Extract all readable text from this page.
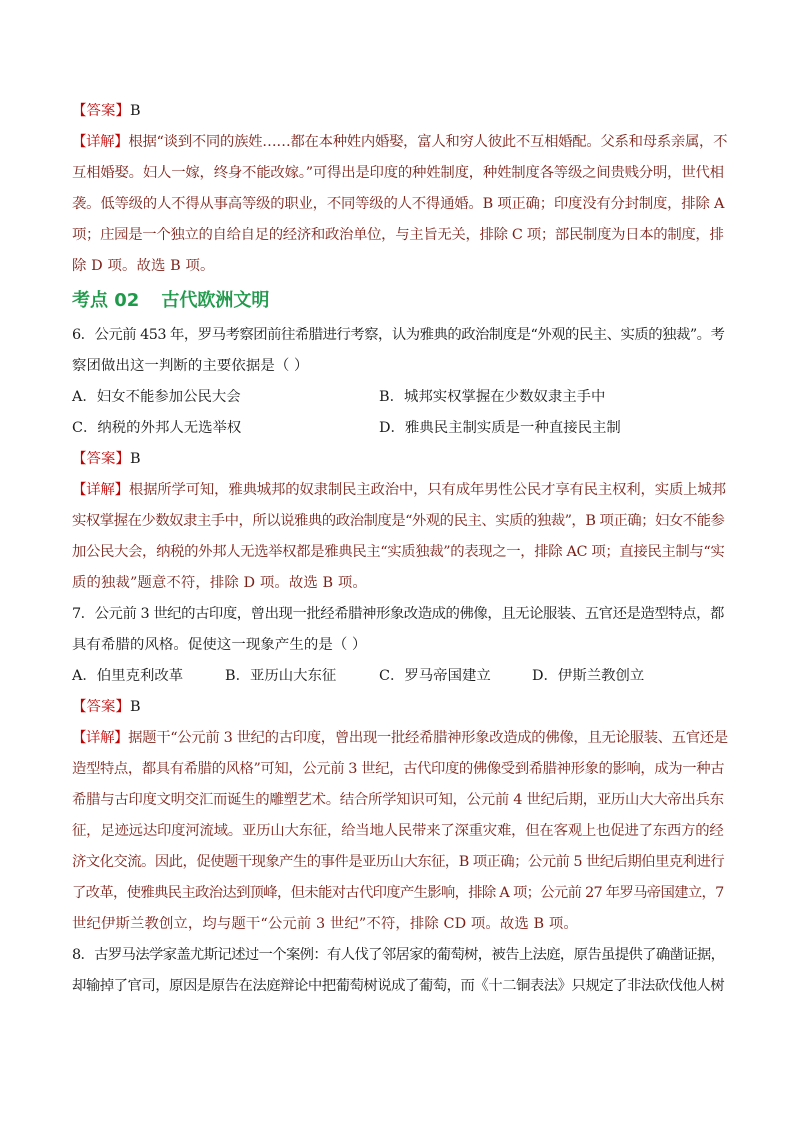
【答案】B
【详解】根据“谈到不同的族姓……都在本种姓内婚娶，富人和穷人彼此不互相婚配。父系和母系亲属，不
互相婚娶。妇人一嫁，终身不能改嫁。”可得出是印度的种姓制度，种姓制度各等级之间贵贱分明，世代相
袭。低等级的人不得从事高等级的职业，不同等级的人不得通婚。B 项正确；印度没有分封制度，排除 A
项；庄园是一个独立的自给自足的经济和政治单位，与主旨无关，排除 C 项；部民制度为日本的制度，排
除 D 项。故选 B 项。
考点 02 古代欧洲文明
6．公元前 453 年，罗马考察团前往希腊进行考察，认为雅典的政治制度是“外观的民主、实质的独裁”。考
察团做出这一判断的主要依据是（ ）
A．妇女不能参加公民大会	B．城邦实权掌握在少数奴隶主手中
C．纳税的外邦人无选举权	D．雅典民主制实质是一种直接民主制
【答案】B
【详解】根据所学可知，雅典城邦的奴隶制民主政治中，只有成年男性公民才享有民主权利，实质上城邦
实权掌握在少数奴隶主手中，所以说雅典的政治制度是“外观的民主、实质的独裁”，B 项正确；妇女不能参
加公民大会，纳税的外邦人无选举权都是雅典民主“实质独裁”的表现之一，排除 AC 项；直接民主制与“实
质的独裁”题意不符，排除 D 项。故选 B 项。
7．公元前 3 世纪的古印度，曾出现一批经希腊神形象改造成的佛像，且无论服装、五官还是造型特点，都
具有希腊的风格。促使这一现象产生的是（ ）
A．伯里克利改革	B．亚历山大东征	C．罗马帝国建立	D．伊斯兰教创立
【答案】B
【详解】据题干“公元前 3 世纪的古印度，曾出现一批经希腊神形象改造成的佛像，且无论服装、五官还是
造型特点，都具有希腊的风格”可知，公元前 3 世纪，古代印度的佛像受到希腊神形象的影响，成为一种古
希腊与古印度文明交汇而诞生的雕塑艺术。结合所学知识可知，公元前 4 世纪后期，亚历山大大帝出兵东
征，足迹远达印度河流域。亚历山大东征，给当地人民带来了深重灾难，但在客观上也促进了东西方的经
济文化交流。因此，促使题干现象产生的事件是亚历山大东征，B 项正确；公元前 5 世纪后期伯里克利进行
了改革，使雅典民主政治达到顶峰，但未能对古代印度产生影响，排除 A 项；公元前 27 年罗马帝国建立，7
世纪伊斯兰教创立，均与题干“公元前 3 世纪”不符，排除 CD 项。故选 B 项。
8．古罗马法学家盖尤斯记述过一个案例：有人伐了邻居家的葡萄树，被告上法庭，原告虽提供了确凿证据，
却输掉了官司，原因是原告在法庭辩论中把葡萄树说成了葡萄，而《十二铜表法》只规定了非法砍伐他人树
